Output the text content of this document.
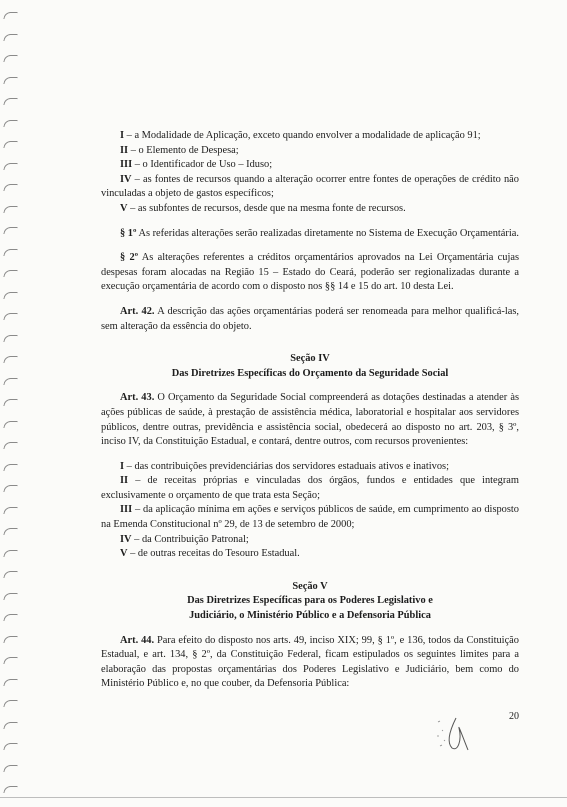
I – a Modalidade de Aplicação, exceto quando envolver a modalidade de aplicação 91;

II – o Elemento de Despesa;

III – o Identificador de Uso – Iduso;

IV – as fontes de recursos quando a alteração ocorrer entre fontes de operações de crédito não vinculadas a objeto de gastos específicos;

V – as subfontes de recursos, desde que na mesma fonte de recursos.

§ 1º As referidas alterações serão realizadas diretamente no Sistema de Execução Orçamentária.

§ 2º As alterações referentes a créditos orçamentários aprovados na Lei Orçamentária cujas despesas foram alocadas na Região 15 – Estado do Ceará, poderão ser regionalizadas durante a execução orçamentária de acordo com o disposto nos §§ 14 e 15 do art. 10 desta Lei.

Art. 42. A descrição das ações orçamentárias poderá ser renomeada para melhor qualificá-las, sem alteração da essência do objeto.

Seção IV

Das Diretrizes Específicas do Orçamento da Seguridade Social

Art. 43. O Orçamento da Seguridade Social compreenderá as dotações destinadas a atender às ações públicas de saúde, à prestação de assistência médica, laboratorial e hospitalar aos servidores públicos, dentre outras, previdência e assistência social, obedecerá ao disposto no art. 203, § 3º, inciso IV, da Constituição Estadual, e contará, dentre outros, com recursos provenientes:

I – das contribuições previdenciárias dos servidores estaduais ativos e inativos;

II – de receitas próprias e vinculadas dos órgãos, fundos e entidades que integram exclusivamente o orçamento de que trata esta Seção;

III – da aplicação mínima em ações e serviços públicos de saúde, em cumprimento ao disposto na Emenda Constitucional nº 29, de 13 de setembro de 2000;

IV – da Contribuição Patronal;

V – de outras receitas do Tesouro Estadual.

Seção V

Das Diretrizes Específicas para os Poderes Legislativo e

Judiciário, o Ministério Público e a Defensoria Pública

Art. 44. Para efeito do disposto nos arts. 49, inciso XIX; 99, § 1º, e 136, todos da Constituição Estadual, e art. 134, § 2º, da Constituição Federal, ficam estipulados os seguintes limites para a elaboração das propostas orçamentárias dos Poderes Legislativo e Judiciário, bem como do Ministério Público e, no que couber, da Defensoria Pública:

20
